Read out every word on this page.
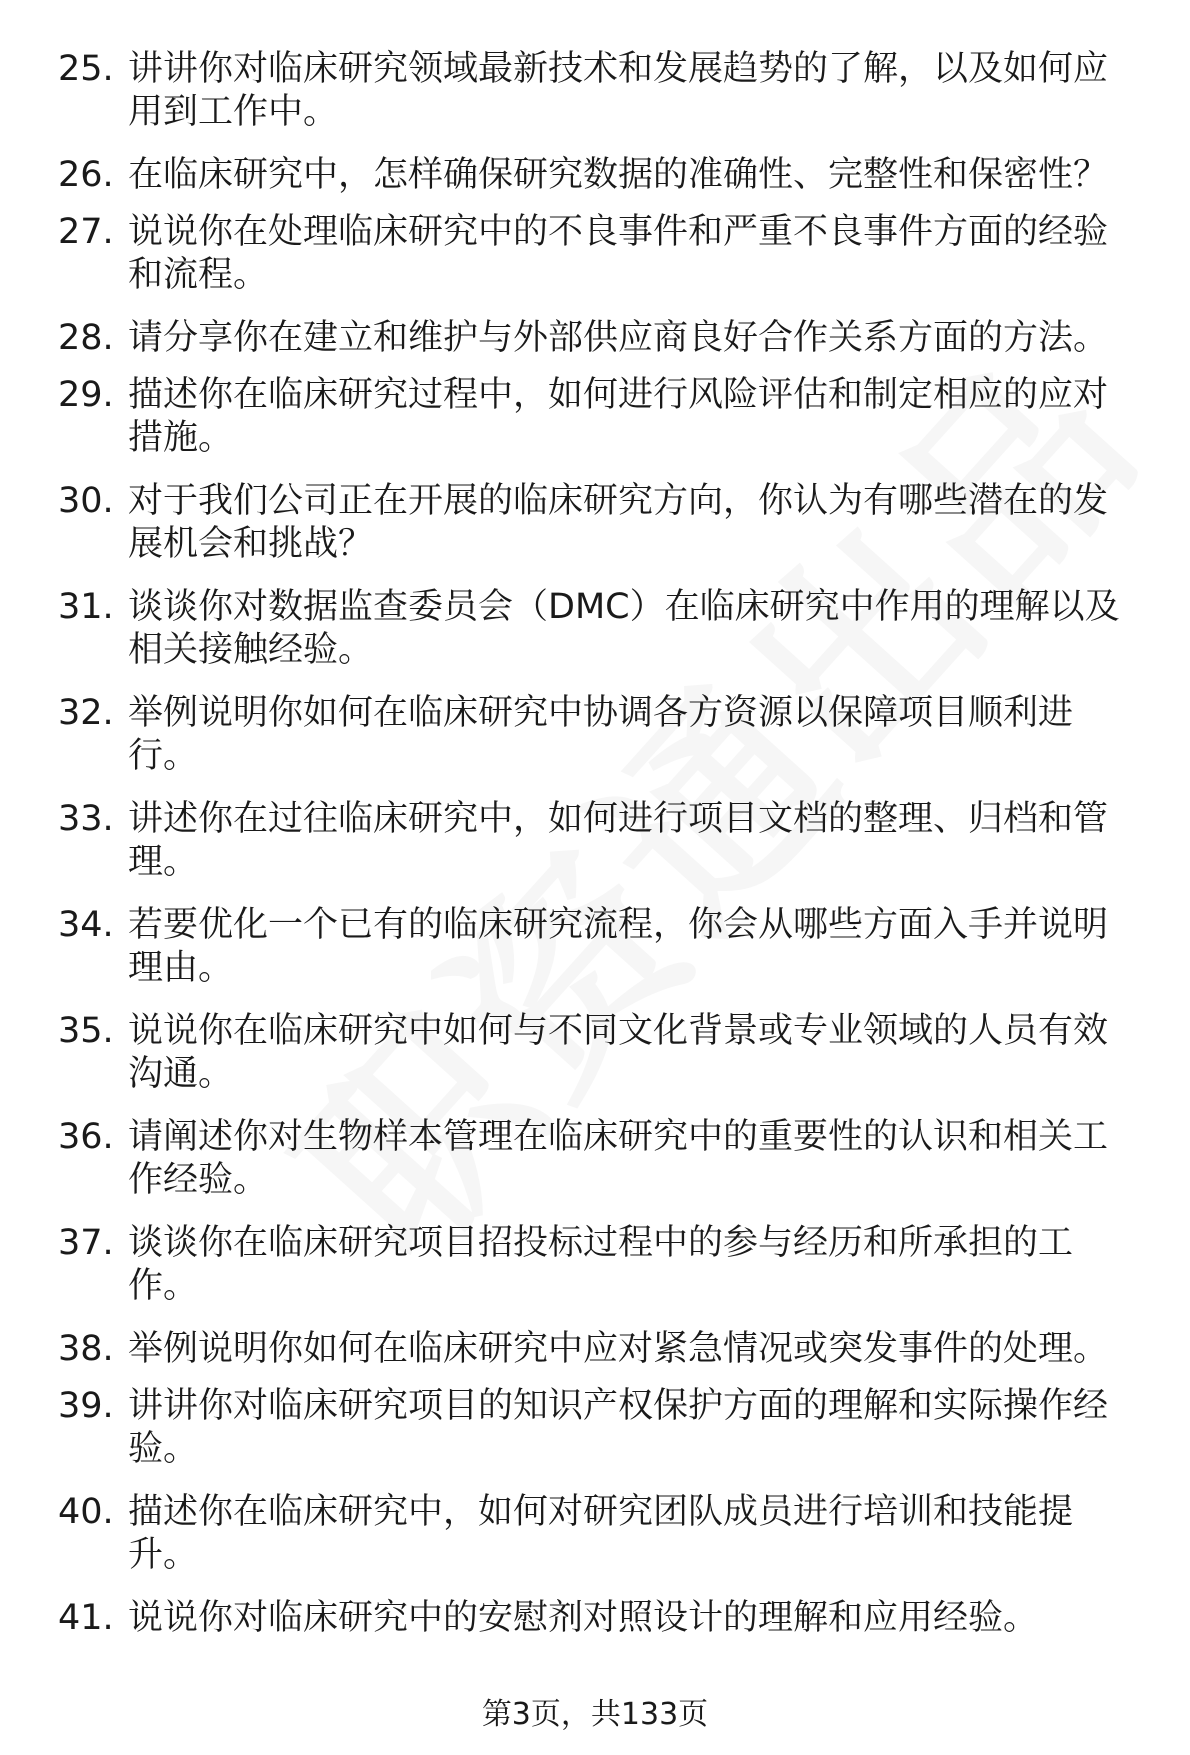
25. 讲讲你对临床研究领域最新技术和发展趋势的了解，以及如何应用到工作中。
26. 在临床研究中，怎样确保研究数据的准确性、完整性和保密性？
27. 说说你在处理临床研究中的不良事件和严重不良事件方面的经验和流程。
28. 请分享你在建立和维护与外部供应商良好合作关系方面的方法。
29. 描述你在临床研究过程中，如何进行风险评估和制定相应的应对措施。
30. 对于我们公司正在开展的临床研究方向，你认为有哪些潜在的发展机会和挑战？
31. 谈谈你对数据监查委员会（DMC）在临床研究中作用的理解以及相关接触经验。
32. 举例说明你如何在临床研究中协调各方资源以保障项目顺利进行。
33. 讲述你在过往临床研究中，如何进行项目文档的整理、归档和管理。
34. 若要优化一个已有的临床研究流程，你会从哪些方面入手并说明理由。
35. 说说你在临床研究中如何与不同文化背景或专业领域的人员有效沟通。
36. 请阐述你对生物样本管理在临床研究中的重要性的认识和相关工作经验。
37. 谈谈你在临床研究项目招投标过程中的参与经历和所承担的工作。
38. 举例说明你如何在临床研究中应对紧急情况或突发事件的处理。
39. 讲讲你对临床研究项目的知识产权保护方面的理解和实际操作经验。
40. 描述你在临床研究中，如何对研究团队成员进行培训和技能提升。
41. 说说你对临床研究中的安慰剂对照设计的理解和应用经验。
第3页，共133页
